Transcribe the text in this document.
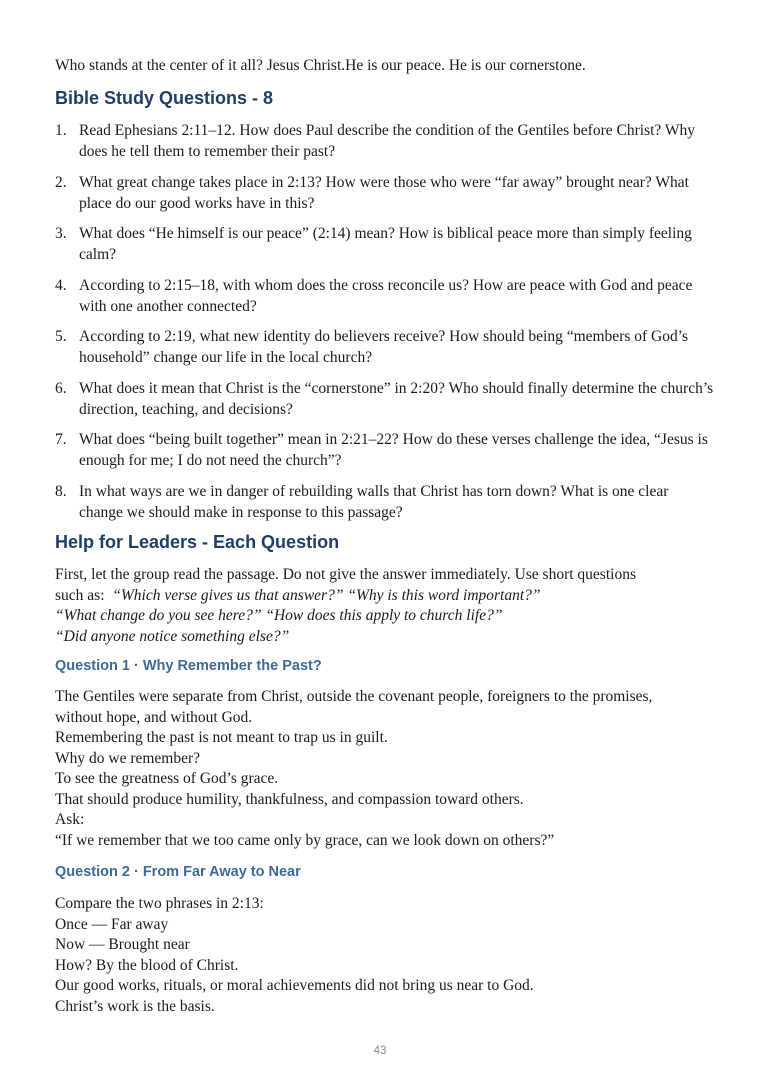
Who stands at the center of it all? Jesus Christ.He is our peace. He is our cornerstone.

Bible Study Questions - 8
1. Read Ephesians 2:11–12. How does Paul describe the condition of the Gentiles before Christ? Why does he tell them to remember their past?
2. What great change takes place in 2:13? How were those who were “far away” brought near? What place do our good works have in this?
3. What does “He himself is our peace” (2:14) mean? How is biblical peace more than simply feeling calm?
4. According to 2:15–18, with whom does the cross reconcile us? How are peace with God and peace with one another connected?
5. According to 2:19, what new identity do believers receive? How should being “members of God’s household” change our life in the local church?
6. What does it mean that Christ is the “cornerstone” in 2:20? Who should finally determine the church’s direction, teaching, and decisions?
7. What does “being built together” mean in 2:21–22? How do these verses challenge the idea, “Jesus is enough for me; I do not need the church”?
8. In what ways are we in danger of rebuilding walls that Christ has torn down? What is one clear change we should make in response to this passage?
Help for Leaders - Each Question
First, let the group read the passage. Do not give the answer immediately. Use short questions
such as:  “Which verse gives us that answer?” “Why is this word important?”
“What change do you see here?” “How does this apply to church life?”
“Did anyone notice something else?”
Question 1 · Why Remember the Past?
The Gentiles were separate from Christ, outside the covenant people, foreigners to the promises,
without hope, and without God.
Remembering the past is not meant to trap us in guilt.
Why do we remember?
To see the greatness of God’s grace.
That should produce humility, thankfulness, and compassion toward others.
Ask:
“If we remember that we too came only by grace, can we look down on others?”
Question 2 · From Far Away to Near
Compare the two phrases in 2:13:
Once — Far away
Now — Brought near
How? By the blood of Christ.
Our good works, rituals, or moral achievements did not bring us near to God.
Christ’s work is the basis.
43
